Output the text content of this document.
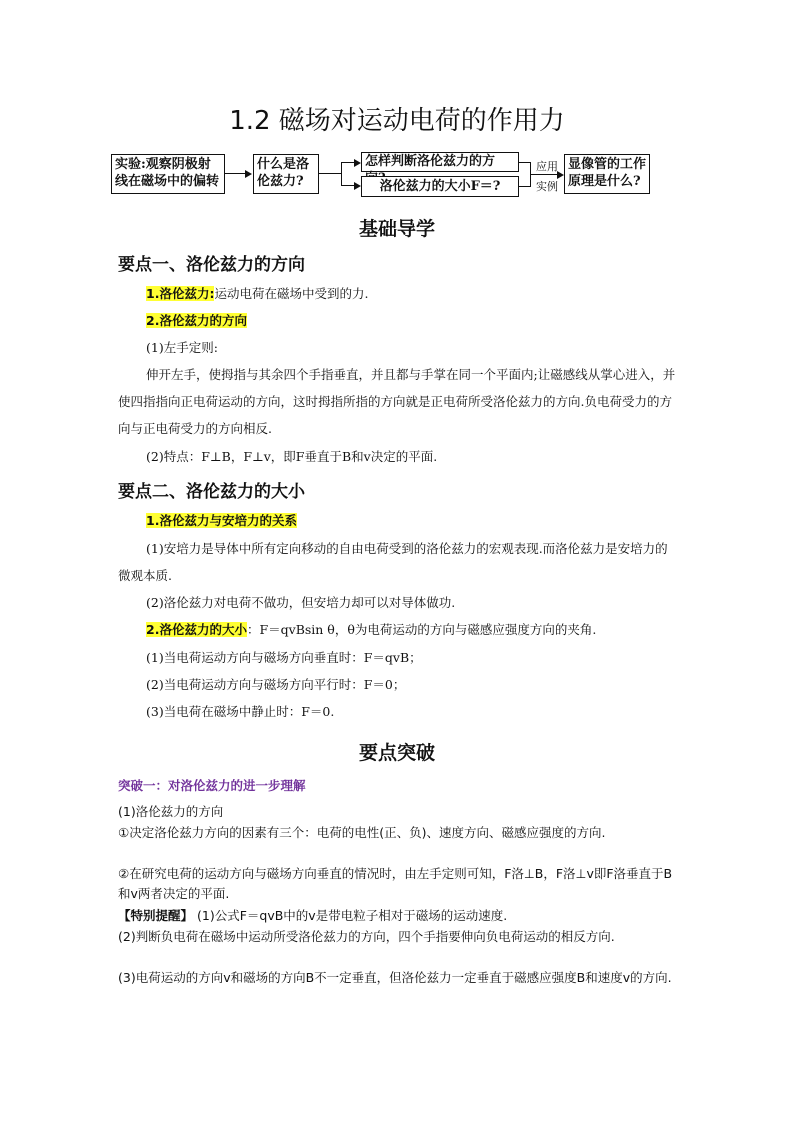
1.2 磁场对运动电荷的作用力
实验:观察阴极射线在磁场中的偏转
什么是洛伦兹力?
怎样判断洛伦兹力的方
洛伦兹力的大小F＝?
应用
实例
显像管的工作原理是什么?
基础导学
要点一、洛伦兹力的方向
1.洛伦兹力:运动电荷在磁场中受到的力.
2.洛伦兹力的方向
(1)左手定则:
伸开左手，使拇指与其余四个手指垂直，并且都与手掌在同一个平面内;让磁感线从掌心进入，并使四指指向正电荷运动的方向，这时拇指所指的方向就是正电荷所受洛伦兹力的方向.负电荷受力的方向与正电荷受力的方向相反.
(2)特点：F⊥B，F⊥v，即F垂直于B和v决定的平面.
要点二、洛伦兹力的大小
1.洛伦兹力与安培力的关系
(1)安培力是导体中所有定向移动的自由电荷受到的洛伦兹力的宏观表现.而洛伦兹力是安培力的微观本质.
(2)洛伦兹力对电荷不做功，但安培力却可以对导体做功.
2.洛伦兹力的大小：F＝qvBsin θ，θ为电荷运动的方向与磁感应强度方向的夹角.
(1)当电荷运动方向与磁场方向垂直时：F＝qvB；
(2)当电荷运动方向与磁场方向平行时：F＝0；
(3)当电荷在磁场中静止时：F＝0.
要点突破
突破一：对洛伦兹力的进一步理解
(1)洛伦兹力的方向
①决定洛伦兹力方向的因素有三个：电荷的电性(正、负)、速度方向、磁感应强度的方向.
②在研究电荷的运动方向与磁场方向垂直的情况时，由左手定则可知，F洛⊥B，F洛⊥v即F洛垂直于B和v两者决定的平面.
【特别提醒】 (1)公式F＝qvB中的v是带电粒子相对于磁场的运动速度.
(2)判断负电荷在磁场中运动所受洛伦兹力的方向，四个手指要伸向负电荷运动的相反方向.
(3)电荷运动的方向v和磁场的方向B不一定垂直，但洛伦兹力一定垂直于磁感应强度B和速度v的方向.
